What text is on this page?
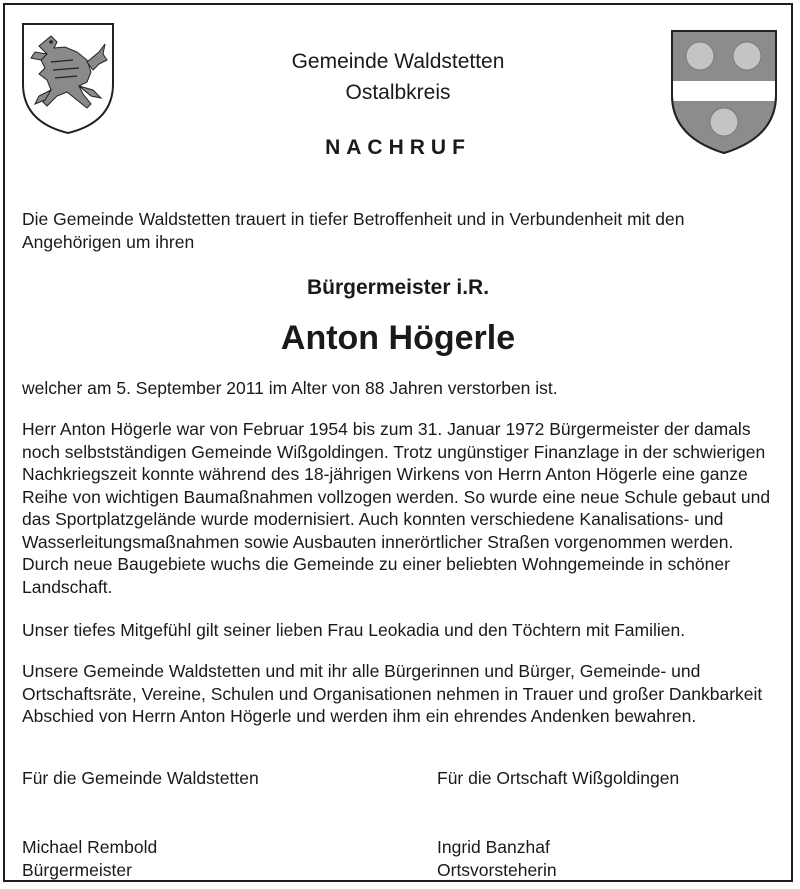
Gemeinde Waldstetten
Ostalbkreis
NACHRUF

Die Gemeinde Waldstetten trauert in tiefer Betroffenheit und in Verbundenheit mit den Angehörigen um ihren

Bürgermeister i.R.
Anton Högerle

welcher am 5. September 2011 im Alter von 88 Jahren verstorben ist.

Herr Anton Högerle war von Februar 1954 bis zum 31. Januar 1972 Bürgermeister der damals noch selbstständigen Gemeinde Wißgoldingen. Trotz ungünstiger Finanzlage in der schwierigen Nachkriegszeit konnte während des 18-jährigen Wirkens von Herrn Anton Högerle eine ganze Reihe von wichtigen Baumaßnahmen vollzogen werden. So wurde eine neue Schule gebaut und das Sportplatzgelände wurde modernisiert. Auch konnten verschiedene Kanalisations- und Wasserleitungsmaßnahmen sowie Ausbauten innerörtlicher Straßen vorgenommen werden. Durch neue Baugebiete wuchs die Gemeinde zu einer beliebten Wohngemeinde in schöner Landschaft.

Unser tiefes Mitgefühl gilt seiner lieben Frau Leokadia und den Töchtern mit Familien.

Unsere Gemeinde Waldstetten und mit ihr alle Bürgerinnen und Bürger, Gemeinde- und Ortschaftsräte, Vereine, Schulen und Organisationen nehmen in Trauer und großer Dankbarkeit Abschied von Herrn Anton Högerle und werden ihm ein ehrendes Andenken bewahren.

Für die Gemeinde Waldstetten	Für die Ortschaft Wißgoldingen

Michael Rembold	Ingrid Banzhaf

Bürgermeister	Ortsvorsteherin
